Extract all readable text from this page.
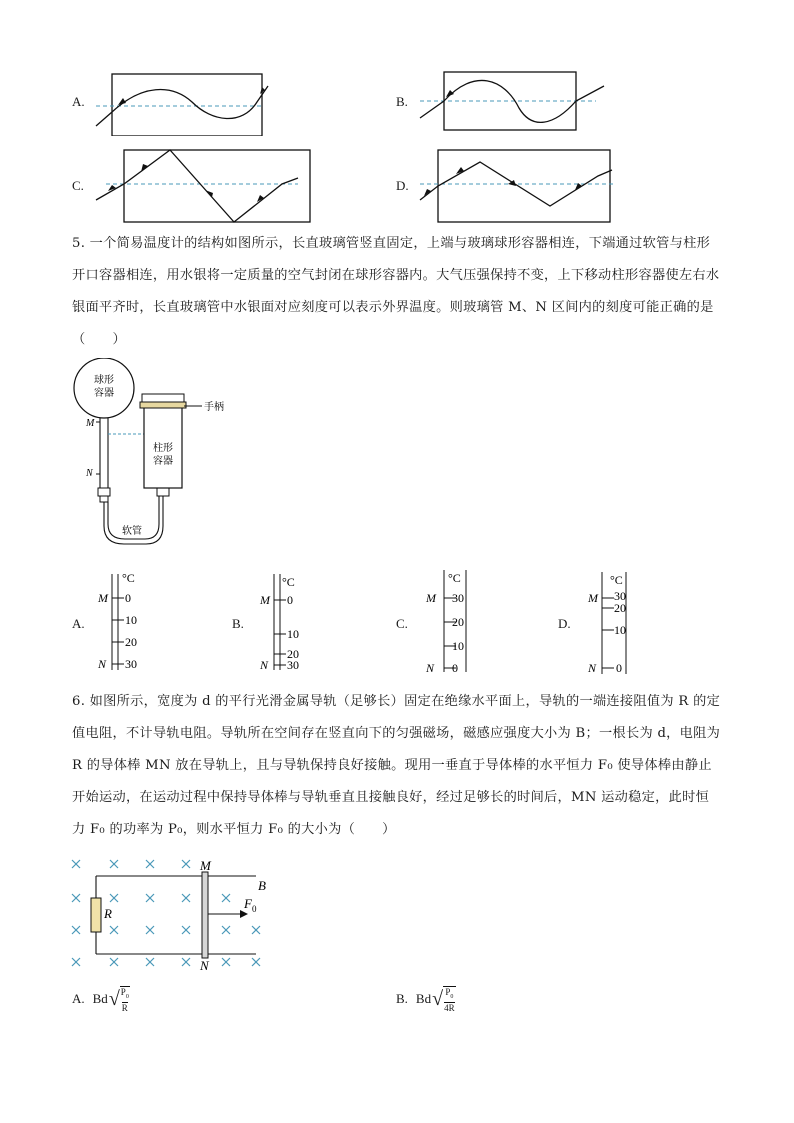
A.	B.
C.	D.
5. 一个简易温度计的结构如图所示，长直玻璃管竖直固定，上端与玻璃球形容器相连，下端通过软管与柱形开口容器相连，用水银将一定质量的空气封闭在球形容器内。大气压强保持不变，上下移动柱形容器使左右水银面平齐时，长直玻璃管中水银面对应刻度可以表示外界温度。则玻璃管 M、N 区间内的刻度可能正确的是（　　）
球形
容器
M
N
手柄
柱形
容器
软管
A.
°C
0
10
20
30
M
N
B.
°C
0
10
20
30
M
N
C.
°C
30
20
10
0
M
N
D.
°C
30
20
10
0
M
N
6. 如图所示，宽度为 d 的平行光滑金属导轨（足够长）固定在绝缘水平面上，导轨的一端连接阻值为 R 的定值电阻，不计导轨电阻。导轨所在空间存在竖直向下的匀强磁场，磁感应强度大小为 B；一根长为 d，电阻为 R 的导体棒 MN 放在导轨上，且与导轨保持良好接触。现用一垂直于导体棒的水平恒力 F₀ 使导体棒由静止开始运动，在运动过程中保持导体棒与导轨垂直且接触良好，经过足够长的时间后，MN 运动稳定，此时恒力 F₀ 的功率为 P₀，则水平恒力 F₀ 的大小为（　　）
R
M
N
B
F 0
A. Bd √ $P_0$
R
B. Bd √ $P_0$
4R
